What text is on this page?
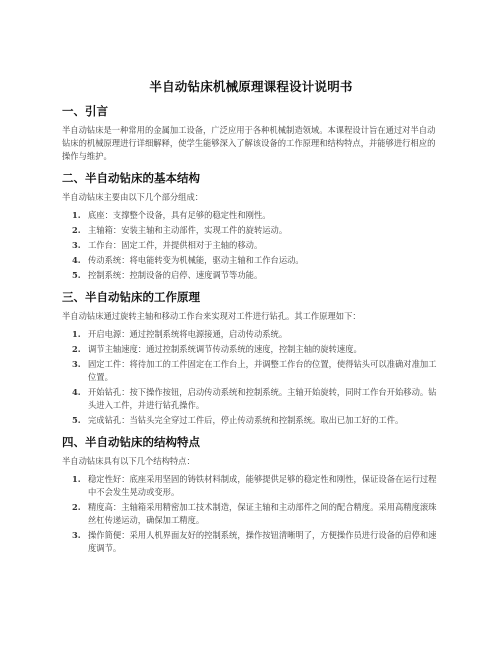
半自动钻床机械原理课程设计说明书
一、引言

半自动钻床是一种常用的金属加工设备，广泛应用于各种机械制造领域。本课程设计旨在通过对半自动钻床的机械原理进行详细解释，使学生能够深入了解该设备的工作原理和结构特点，并能够进行相应的操作与维护。

二、半自动钻床的基本结构

半自动钻床主要由以下几个部分组成：

1. 底座：支撑整个设备，具有足够的稳定性和刚性。
2. 主轴箱：安装主轴和主动部件，实现工件的旋转运动。
3. 工作台：固定工件，并提供相对于主轴的移动。
4. 传动系统：将电能转变为机械能，驱动主轴和工作台运动。
5. 控制系统：控制设备的启停、速度调节等功能。
三、半自动钻床的工作原理

半自动钻床通过旋转主轴和移动工作台来实现对工件进行钻孔。其工作原理如下：

1. 开启电源：通过控制系统将电源接通，启动传动系统。
2. 调节主轴速度：通过控制系统调节传动系统的速度，控制主轴的旋转速度。
3. 固定工件：将待加工的工件固定在工作台上，并调整工作台的位置，使得钻头可以准确对准加工位置。
4. 开始钻孔：按下操作按钮，启动传动系统和控制系统。主轴开始旋转，同时工作台开始移动。钻头进入工件，并进行钻孔操作。
5. 完成钻孔：当钻头完全穿过工件后，停止传动系统和控制系统。取出已加工好的工件。
四、半自动钻床的结构特点

半自动钻床具有以下几个结构特点：

1. 稳定性好：底座采用坚固的铸铁材料制成，能够提供足够的稳定性和刚性，保证设备在运行过程中不会发生晃动或变形。
2. 精度高：主轴箱采用精密加工技术制造，保证主轴和主动部件之间的配合精度。采用高精度滚珠丝杠传递运动，确保加工精度。
3. 操作简便：采用人机界面友好的控制系统，操作按钮清晰明了，方便操作员进行设备的启停和速度调节。
